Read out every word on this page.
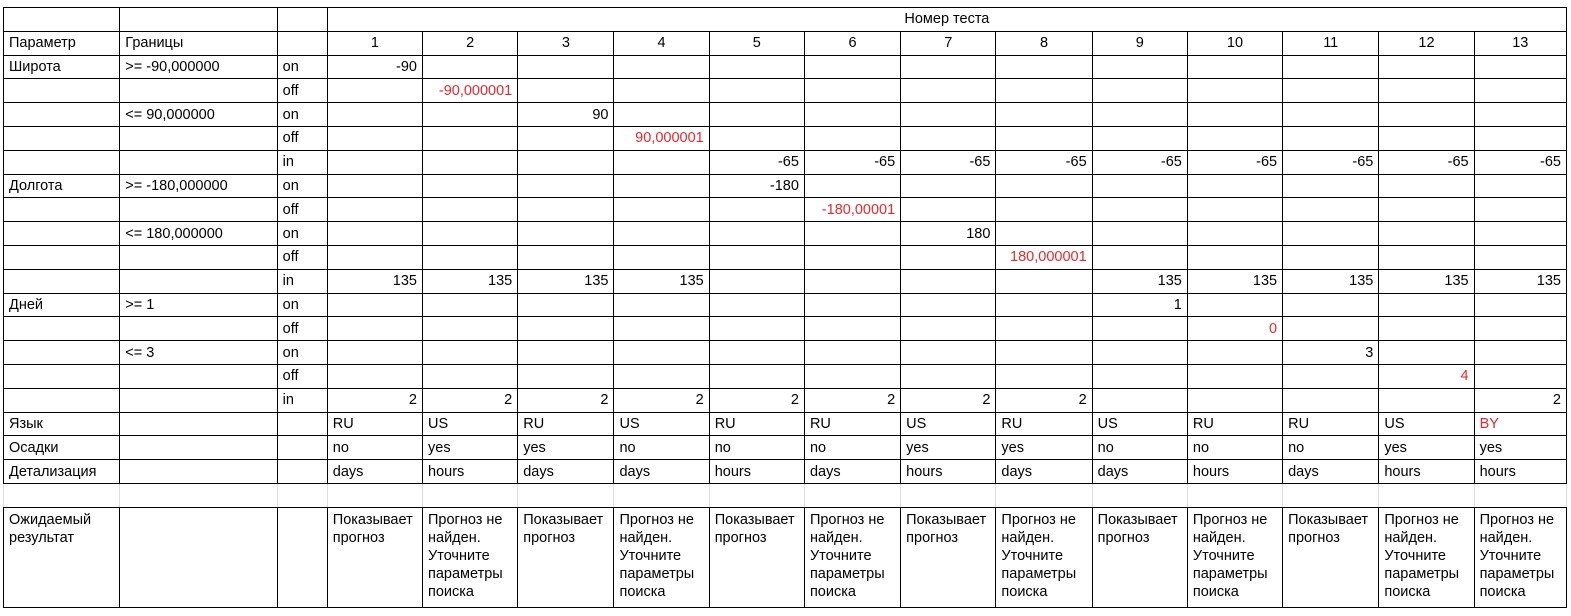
			Номер теста												
Параметр	Границы		1	2	3	4	5	6	7	8	9	10	11	12	13
Широта	>= -90,000000	on	-90												
		off		-90,000001											
	<= 90,000000	on			90										
		off				90,000001									
		in					-65	-65	-65	-65	-65	-65	-65	-65	-65
Долгота	>= -180,000000	on					-180								
		off						-180,00001							
	<= 180,000000	on							180						
		off								180,000001					
		in	135	135	135	135					135	135	135	135	135
Дней	>= 1	on									1				
		off										0			
	<= 3	on											3		
		off												4	
		in	2	2	2	2	2	2	2	2					2
Язык			RU	US	RU	US	RU	RU	US	RU	US	RU	RU	US	BY
Осадки			no	yes	yes	no	no	no	yes	yes	no	no	no	yes	yes
Детализация			days	hours	days	days	hours	days	hours	days	days	hours	days	hours	hours

Ожидаемый результат			Показывает прогноз	Прогноз не найден. Уточните параметры поиска	Показывает прогноз	Прогноз не найден. Уточните параметры поиска	Показывает прогноз	Прогноз не найден. Уточните параметры поиска	Показывает прогноз	Прогноз не найден. Уточните параметры поиска	Показывает прогноз	Прогноз не найден. Уточните параметры поиска	Показывает прогноз	Прогноз не найден. Уточните параметры поиска	Прогноз не найден. Уточните параметры поиска
